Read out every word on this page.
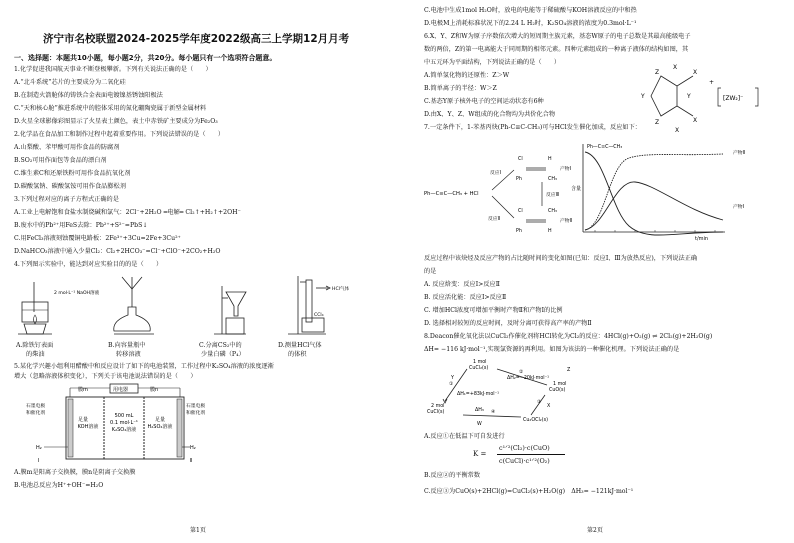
济宁市名校联盟2024-2025学年度2022级高三上学期12月月考
一、选择题：本题共10小题，每小题2分，共20分。每小题只有一个选项符合题意。
1.化学促进我国航天事业不断登极攀新。下列有关说法正确的是（　　）
A.“北斗系统”芯片的主要成分为二氧化硅
B.在制造火箭舱体的铸铁合金表面电镀镍基锈蚀阳极法
C.“天和核心舱”推进系统中的腔体采用的氮化硼陶瓷属于新型金属材料
D.火星全球影像彩图显示了火星表土颜色，表土中赤铁矿主要成分为Fe₂O₃
2.化学品在食品加工和制作过程中起着重要作用。下列说法错误的是（　　）
A.山梨酸、苯甲酸可用作食品的防腐剂
B.SO₂可用作面包等食品的漂白剂
C.维生素C和还原铁粉可用作食品抗氧化剂
D.碳酸氢钠、碳酸氢铵可用作食品膨松剂
3.下列过程对应的离子方程式正确的是
A.工业上电解饱和食盐水制烧碱和氯气：2Cl⁻+2H₂O ═电解═ Cl₂↑+H₂↑+2OH⁻
B.废水中的Pb²⁺用FeS去除：Pb²⁺+S²⁻=PbS↓
C.用FeCl₃溶液刻蚀覆铜电路板：2Fe³⁺+3Cu=2Fe+3Cu²⁺
D.NaHCO₃溶液中通入少量Cl₂：Cl₂+2HCO₃⁻=Cl⁻+ClO⁻+2CO₂+H₂O
4.下列图示实验中，能达到对应实验目的的是（　　）
2 mol·L⁻¹ NaOH溶液
HCl气体
CCl₄
A.除铁钉表面
的柴油
B.向容量瓶中
转移溶液
C.分离CS₂中的
少量白磷（P₄）
D.测量HCl气体
的体积
5.某化学兴趣小组利用醋酸中和反应设计了如下的电池装置，工作过程中K₂SO₄溶液的浓度逐渐
增大（忽略溶液体积变化），下列关于该电池说法错误的是（　　）
膜m	用电器	膜n
足量
KOH溶液
500 mL
0.1 mol·L⁻¹
K₂SO₄溶液
足量
H₂SO₄溶液
石墨电极
和催化剂
石墨电极
和催化剂
H₂	H₂
Ⅰ	Ⅱ
A.膜m是阳离子交换膜，膜n是阴离子交换膜
B.电池总反应为H⁺+OH⁻=H₂O
第1页
C.电池中生成1mol H₂O时，放电的电能等于稀硫酸与KOH溶液反应的中和热
D.电极M上消耗标准状况下的2.24 L H₂时，K₂SO₄溶液的浓度为0.3mol·L⁻¹
6.X、Y、Z和W为原子序数依次增大的短周期主族元素，基态W原子的电子总数是其最高能级电子
数的两倍，Z的第一电离能大于同周期的相邻元素。四种元素组成的一种离子液体的结构如图，其
中五元环为平面结构，下列说法正确的是（　　）
A.简单氢化物的还原性：Z＞W
B.简单离子的半径：W＞Z
C.基态Y原子核外电子的空间运动状态有6种
D.由X、Y、Z、W组成的化合物均为共价化合物
Z
Z
Y
X
X
X
X
Y
+
[ZW₂]⁻
7.一定条件下，1-苯基丙炔(Ph-C≡C-CH₃)可与HCl发生催化加成，反应如下：
Ph—C≡C—CH₃ + HCl
反应Ⅰ
反应Ⅱ
反应Ⅲ
Cl	H
Ph	CH₃
产物Ⅰ
Cl	CH₃
Ph	H
产物Ⅱ
含量
t/min
Ph—C≡C—CH₃
产物Ⅱ
产物Ⅰ
反应过程中该炔烃及反应产物的占比随时间的变化如图(已知：反应Ⅰ、Ⅲ为放热反应)，下列说法正确
的是
A. 反应焓变：反应Ⅰ>反应Ⅱ
B. 反应活化能：反应Ⅰ>反应Ⅱ
C. 增加HCl浓度可增加平衡时产物Ⅱ和产物Ⅰ的比例
D. 选择相对较短的反应时间，及时分离可获得高产率的产物Ⅱ
8.Deacon催化氧化法以CuCl₂作催化剂将HCl转化为Cl₂的反应：4HCl(g)+O₂(g) ⇌ 2Cl₂(g)+2H₂O(g)
ΔH= −116 kJ·mol⁻¹,实现氯资源的再利用。如图为该法的一种催化机理。下列说法正确的是
1 mol
CuCl₂(s)
1 mol
CuO(s)
2 mol
CuCl(s)
Cu₂OCl₂(s)
Y	ΔH₂=−20kJ·mol⁻¹
ΔH₁=+83kJ·mol⁻¹
X
ΔH₃
W
Z
①
②
③
④
A.反应①在低温下可自发进行
K =
c¹ᐟ²(Cl₂)·c(CuO)
c(CuCl)·c¹ᐟ²(O₂)
B.反应②的平衡常数
C.反应③为CuO(s)+2HCl(g)=CuCl₂(s)+H₂O(g)　ΔH₃= −121kJ·mol⁻¹
第2页
